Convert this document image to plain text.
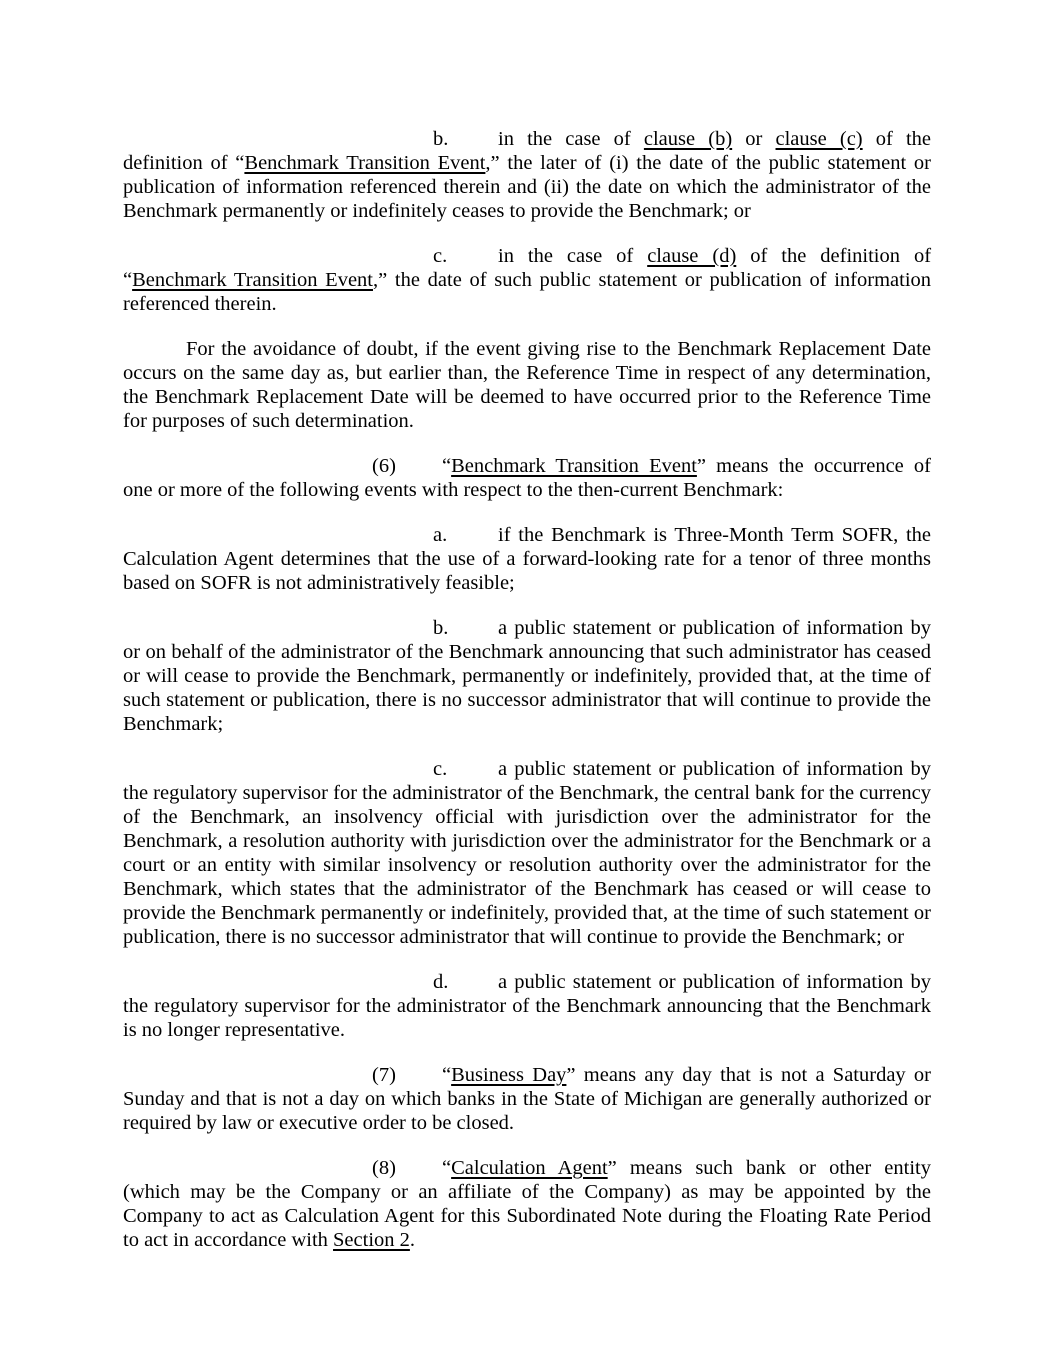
b. in the case of clause (b) or clause (c) of the definition of “Benchmark Transition Event,” the later of (i) the date of the public statement or publication of information referenced therein and (ii) the date on which the administrator of the Benchmark permanently or indefinitely ceases to provide the Benchmark; or

c. in the case of clause (d) of the definition of “Benchmark Transition Event,” the date of such public statement or publication of information referenced therein.

For the avoidance of doubt, if the event giving rise to the Benchmark Replacement Date occurs on the same day as, but earlier than, the Reference Time in respect of any determination, the Benchmark Replacement Date will be deemed to have occurred prior to the Reference Time for purposes of such determination.

(6) “Benchmark Transition Event” means the occurrence of one or more of the following events with respect to the then-current Benchmark:

a. if the Benchmark is Three-Month Term SOFR, the Calculation Agent determines that the use of a forward-looking rate for a tenor of three months based on SOFR is not administratively feasible;

b. a public statement or publication of information by or on behalf of the administrator of the Benchmark announcing that such administrator has ceased or will cease to provide the Benchmark, permanently or indefinitely, provided that, at the time of such statement or publication, there is no successor administrator that will continue to provide the Benchmark;

c. a public statement or publication of information by the regulatory supervisor for the administrator of the Benchmark, the central bank for the currency of the Benchmark, an insolvency official with jurisdiction over the administrator for the Benchmark, a resolution authority with jurisdiction over the administrator for the Benchmark or a court or an entity with similar insolvency or resolution authority over the administrator for the Benchmark, which states that the administrator of the Benchmark has ceased or will cease to provide the Benchmark permanently or indefinitely, provided that, at the time of such statement or publication, there is no successor administrator that will continue to provide the Benchmark; or

d. a public statement or publication of information by the regulatory supervisor for the administrator of the Benchmark announcing that the Benchmark is no longer representative.

(7) “Business Day” means any day that is not a Saturday or Sunday and that is not a day on which banks in the State of Michigan are generally authorized or required by law or executive order to be closed.

(8) “Calculation Agent” means such bank or other entity (which may be the Company or an affiliate of the Company) as may be appointed by the Company to act as Calculation Agent for this Subordinated Note during the Floating Rate Period to act in accordance with Section 2.
